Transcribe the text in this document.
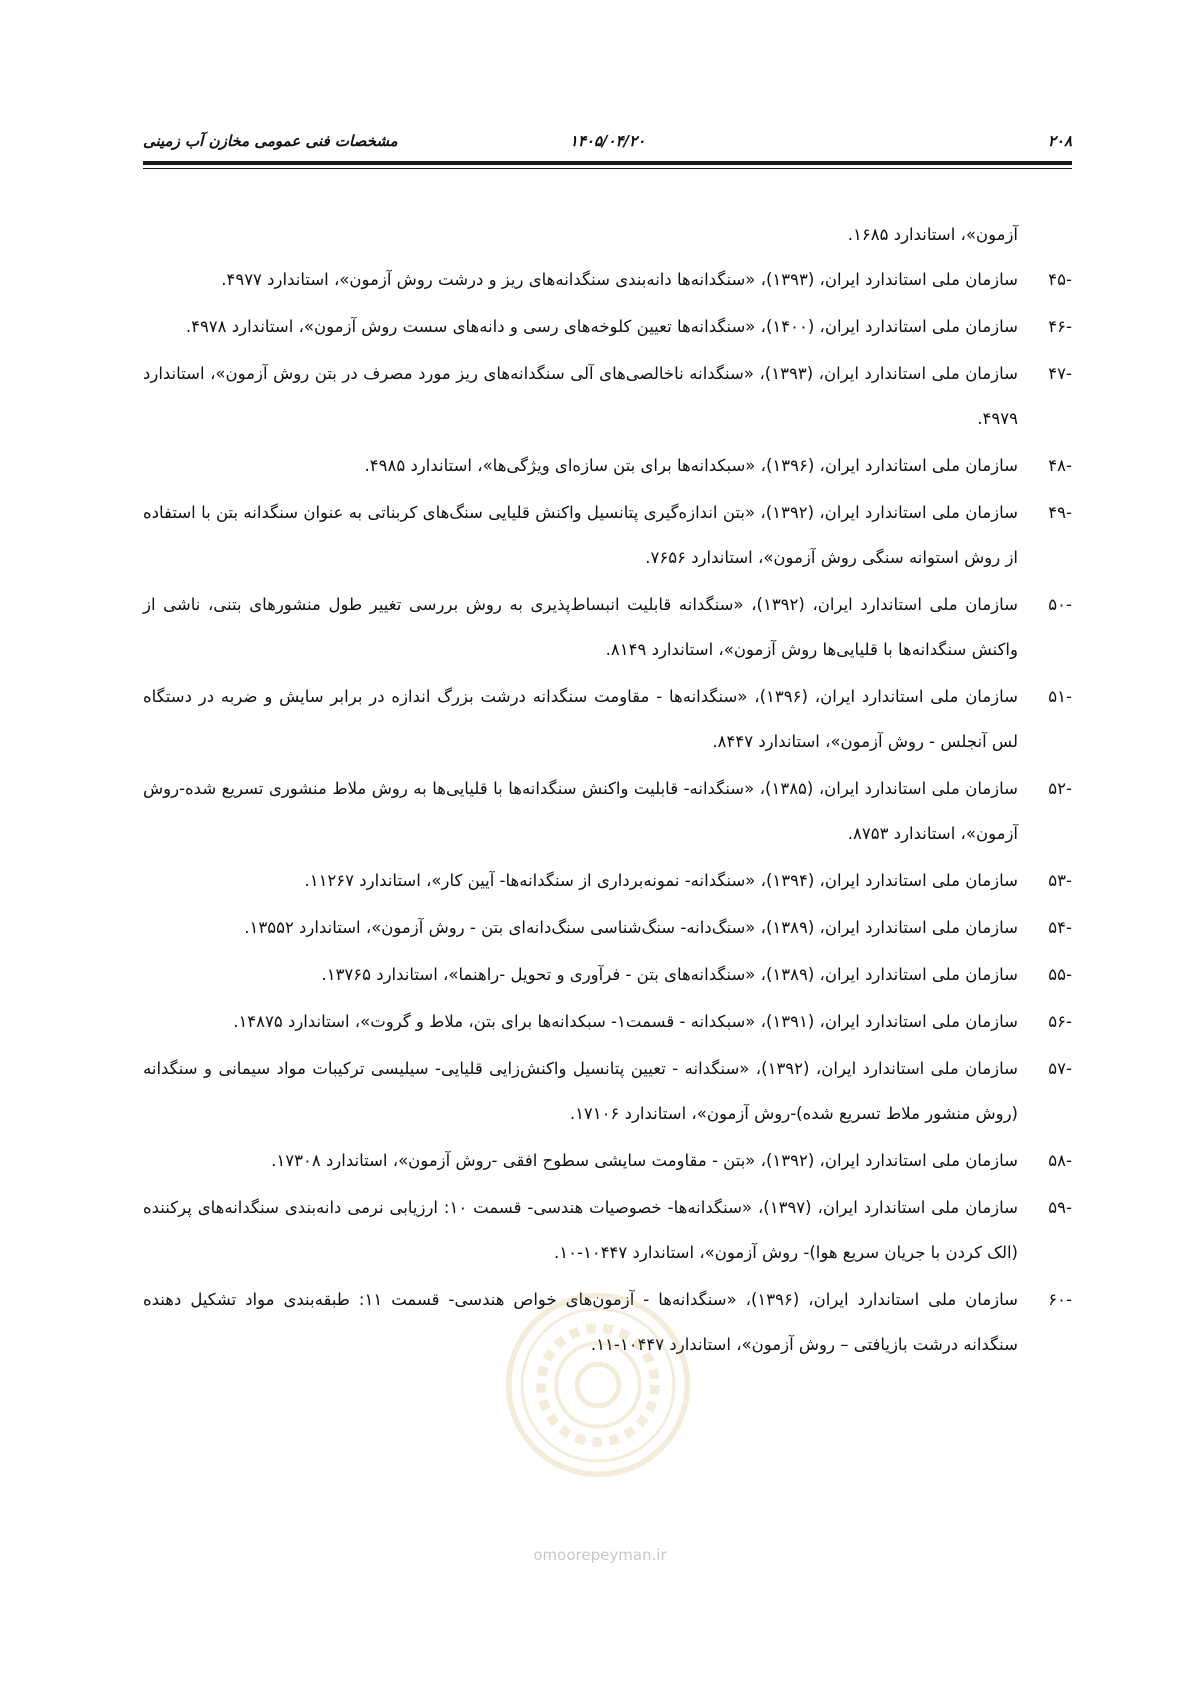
۲۰۸
۱۴۰۵/۰۴/۲۰
مشخصات فنی عمومی مخازن آب زمینی

آزمون»، استاندارد ۱۶۸۵.

-۴۵
سازمان ملی استاندارد ایران، (۱۳۹۳)، «سنگدانه‌ها دانه‌بندی سنگدانه‌های ریز و درشت روش آزمون»، استاندارد ۴۹۷۷.
-۴۶
سازمان ملی استاندارد ایران، (۱۴۰۰)، «سنگدانه‌ها تعیین کلوخه‌های رسی و دانه‌های سست روش آزمون»، استاندارد ۴۹۷۸.
-۴۷
سازمان ملی استاندارد ایران، (۱۳۹۳)، «سنگدانه ناخالصی‌های آلی سنگدانه‌های ریز مورد مصرف در بتن روش آزمون»، استاندارد ۴۹۷۹.
-۴۸
سازمان ملی استاندارد ایران، (۱۳۹۶)، «سبکدانه‌ها برای بتن سازه‌ای ویژگی‌ها»، استاندارد ۴۹۸۵.
-۴۹
سازمان ملی استاندارد ایران، (۱۳۹۲)، «بتن اندازه‌گیری پتانسیل واکنش قلیایی سنگ‌های کربناتی به عنوان سنگدانه بتن با استفاده از روش استوانه سنگی روش آزمون»، استاندارد ۷۶۵۶.
-۵۰
سازمان ملی استاندارد ایران، (۱۳۹۲)، «سنگدانه قابلیت انبساط‌پذیری به روش بررسی تغییر طول منشورهای بتنی، ناشی از واکنش سنگدانه‌ها با قلیایی‌ها روش آزمون»، استاندارد ۸۱۴۹.
-۵۱
سازمان ملی استاندارد ایران، (۱۳۹۶)، «سنگدانه‌ها - مقاومت سنگدانه درشت بزرگ اندازه در برابر سایش و ضربه در دستگاه لس آنجلس - روش آزمون»، استاندارد ۸۴۴۷.
-۵۲
سازمان ملی استاندارد ایران، (۱۳۸۵)، «سنگدانه- قابلیت واکنش سنگدانه‌ها با قلیایی‌ها به روش ملاط منشوری تسریع شده-روش آزمون»، استاندارد ۸۷۵۳.
-۵۳
سازمان ملی استاندارد ایران، (۱۳۹۴)، «سنگدانه- نمونه‌برداری از سنگدانه‌ها- آیین کار»، استاندارد ۱۱۲۶۷.
-۵۴
سازمان ملی استاندارد ایران، (۱۳۸۹)، «سنگ‌دانه- سنگ‌شناسی سنگ‌دانه‌ای بتن - روش آزمون»، استاندارد ۱۳۵۵۲.
-۵۵
سازمان ملی استاندارد ایران، (۱۳۸۹)، «سنگدانه‌های بتن - فرآوری و تحویل -راهنما»، استاندارد ۱۳۷۶۵.
-۵۶
سازمان ملی استاندارد ایران، (۱۳۹۱)، «سبکدانه - قسمت۱- سبکدانه‌ها برای بتن، ملاط و گروت»، استاندارد ۱۴۸۷۵.
-۵۷
سازمان ملی استاندارد ایران، (۱۳۹۲)، «سنگدانه - تعیین پتانسیل واکنش‌زایی قلیایی- سیلیسی ترکیبات مواد سیمانی و سنگدانه (روش منشور ملاط تسریع شده)-روش آزمون»، استاندارد ۱۷۱۰۶.
-۵۸
سازمان ملی استاندارد ایران، (۱۳۹۲)، «بتن - مقاومت سایشی سطوح افقی -روش آزمون»، استاندارد ۱۷۳۰۸.
-۵۹
سازمان ملی استاندارد ایران، (۱۳۹۷)، «سنگدانه‌ها- خصوصیات هندسی- قسمت ۱۰: ارزیابی نرمی دانه‌بندی سنگدانه‌های پرکننده (الک کردن با جریان سریع هوا)- روش آزمون»، استاندارد ۱۰۴۴۷-۱۰.
-۶۰
سازمان ملی استاندارد ایران، (۱۳۹۶)، «سنگدانه‌ها - آزمون‌های خواص هندسی- قسمت ۱۱: طبقه‌بندی مواد تشکیل دهنده سنگدانه درشت بازیافتی – روش آزمون»، استاندارد ۱۰۴۴۷-۱۱.
omoorepeyman.ir
